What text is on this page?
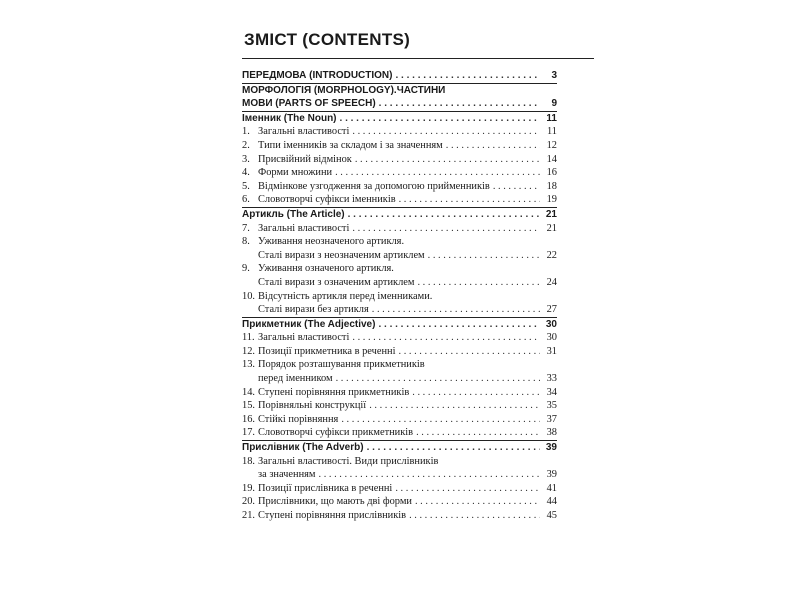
ЗМІСТ (CONTENTS)
ПЕРЕДМОВА (INTRODUCTION) . . .	3
МОРФОЛОГІЯ (MORPHOLOGY).ЧАСТИНИ
МОВИ (PARTS OF SPEECH) . . .	9
Іменник (The Noun) . . .	11
1. Загальні властивості . . .	11
2. Типи іменників за складом і за значенням . . .	12
3. Присвійний відмінок . . .	14
4. Форми множини . . .	16
5. Відмінкове узгодження за допомогою прийменників . . .	18
6. Словотворчі суфікси іменників . . .	19
Артикль (The Article) . . .	21
7. Загальні властивості . . .	21
8. Уживання неозначеного артикля.
Сталі вирази з неозначеним артиклем . . .	22
9. Уживання означеного артикля.
Сталі вирази з означеним артиклем . . .	24
10. Відсутність артикля перед іменниками.
Сталі вирази без артикля . . .	27
Прикметник (The Adjective) . . .	30
11. Загальні властивості . . .	30
12. Позиції прикметника в реченні . . .	31
13. Порядок розташування прикметників
перед іменником . . .	33
14. Ступені порівняння прикметників . . .	34
15. Порівняльні конструкції . . .	35
16. Стійкі порівняння . . .	37
17. Словотворчі суфікси прикметників . . .	38
Прислівник (The Adverb) . . .	39
18. Загальні властивості. Види прислівників
за значенням . . .	39
19. Позиції прислівника в реченні . . .	41
20. Прислівники, що мають дві форми . . .	44
21. Ступені порівняння прислівників . . .	45
